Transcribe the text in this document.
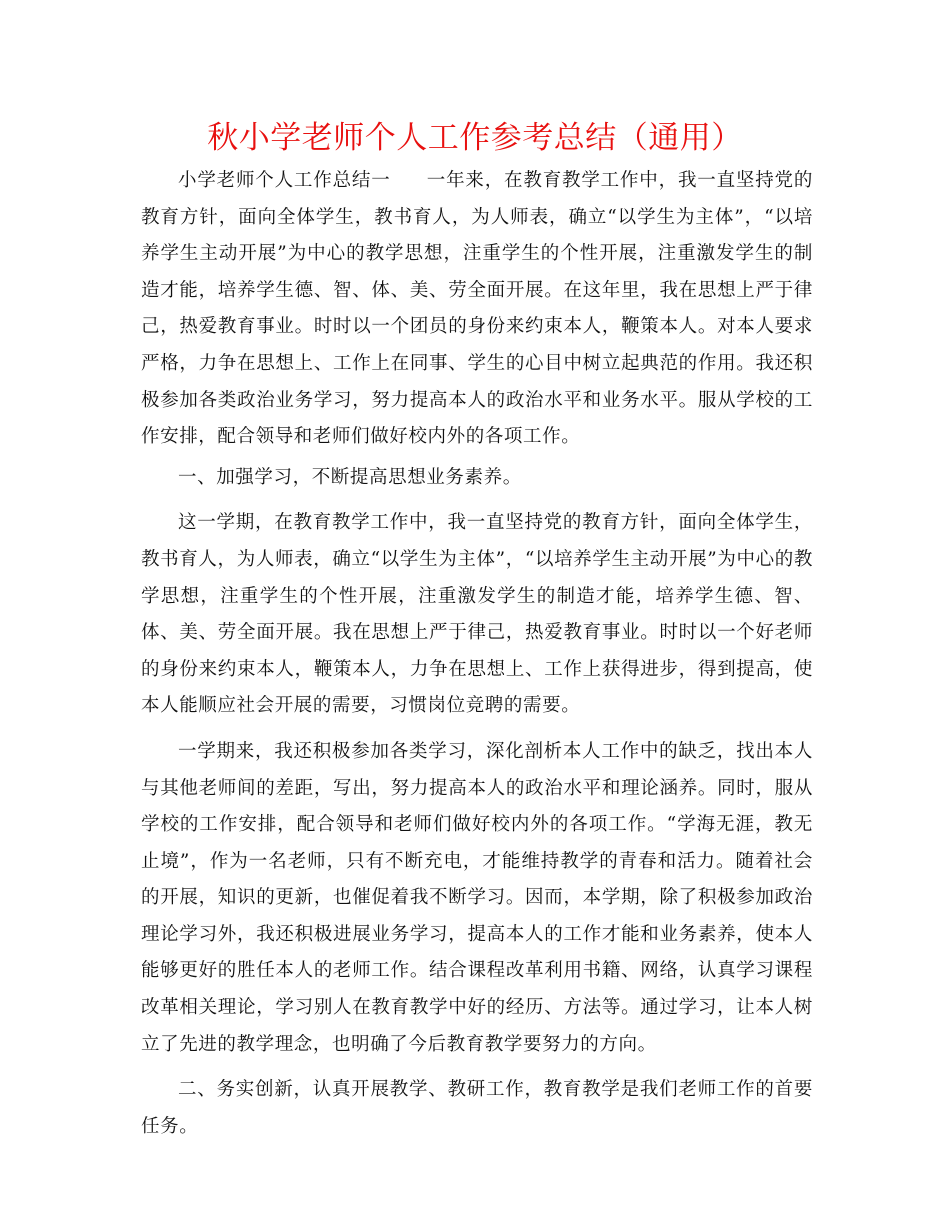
秋小学老师个人工作参考总结（通用）

小学老师个人工作总结一 一年来，在教育教学工作中，我一直坚持党的教育方针，面向全体学生，教书育人，为人师表，确立“以学生为主体”，“以培养学生主动开展”为中心的教学思想，注重学生的个性开展，注重激发学生的制造才能，培养学生德、智、体、美、劳全面开展。在这年里，我在思想上严于律己，热爱教育事业。时时以一个团员的身份来约束本人，鞭策本人。对本人要求严格，力争在思想上、工作上在同事、学生的心目中树立起典范的作用。我还积极参加各类政治业务学习，努力提高本人的政治水平和业务水平。服从学校的工作安排，配合领导和老师们做好校内外的各项工作。

一、加强学习，不断提高思想业务素养。

这一学期，在教育教学工作中，我一直坚持党的教育方针，面向全体学生，教书育人，为人师表，确立“以学生为主体”，“以培养学生主动开展”为中心的教学思想，注重学生的个性开展，注重激发学生的制造才能，培养学生德、智、体、美、劳全面开展。我在思想上严于律己，热爱教育事业。时时以一个好老师的身份来约束本人，鞭策本人，力争在思想上、工作上获得进步，得到提高，使本人能顺应社会开展的需要，习惯岗位竞聘的需要。

一学期来，我还积极参加各类学习，深化剖析本人工作中的缺乏，找出本人与其他老师间的差距，写出，努力提高本人的政治水平和理论涵养。同时，服从学校的工作安排，配合领导和老师们做好校内外的各项工作。“学海无涯，教无止境”，作为一名老师，只有不断充电，才能维持教学的青春和活力。随着社会的开展，知识的更新，也催促着我不断学习。因而，本学期，除了积极参加政治理论学习外，我还积极进展业务学习，提高本人的工作才能和业务素养，使本人能够更好的胜任本人的老师工作。结合课程改革利用书籍、网络，认真学习课程改革相关理论，学习别人在教育教学中好的经历、方法等。通过学习，让本人树立了先进的教学理念，也明确了今后教育教学要努力的方向。

二、务实创新，认真开展教学、教研工作，教育教学是我们老师工作的首要任务。
